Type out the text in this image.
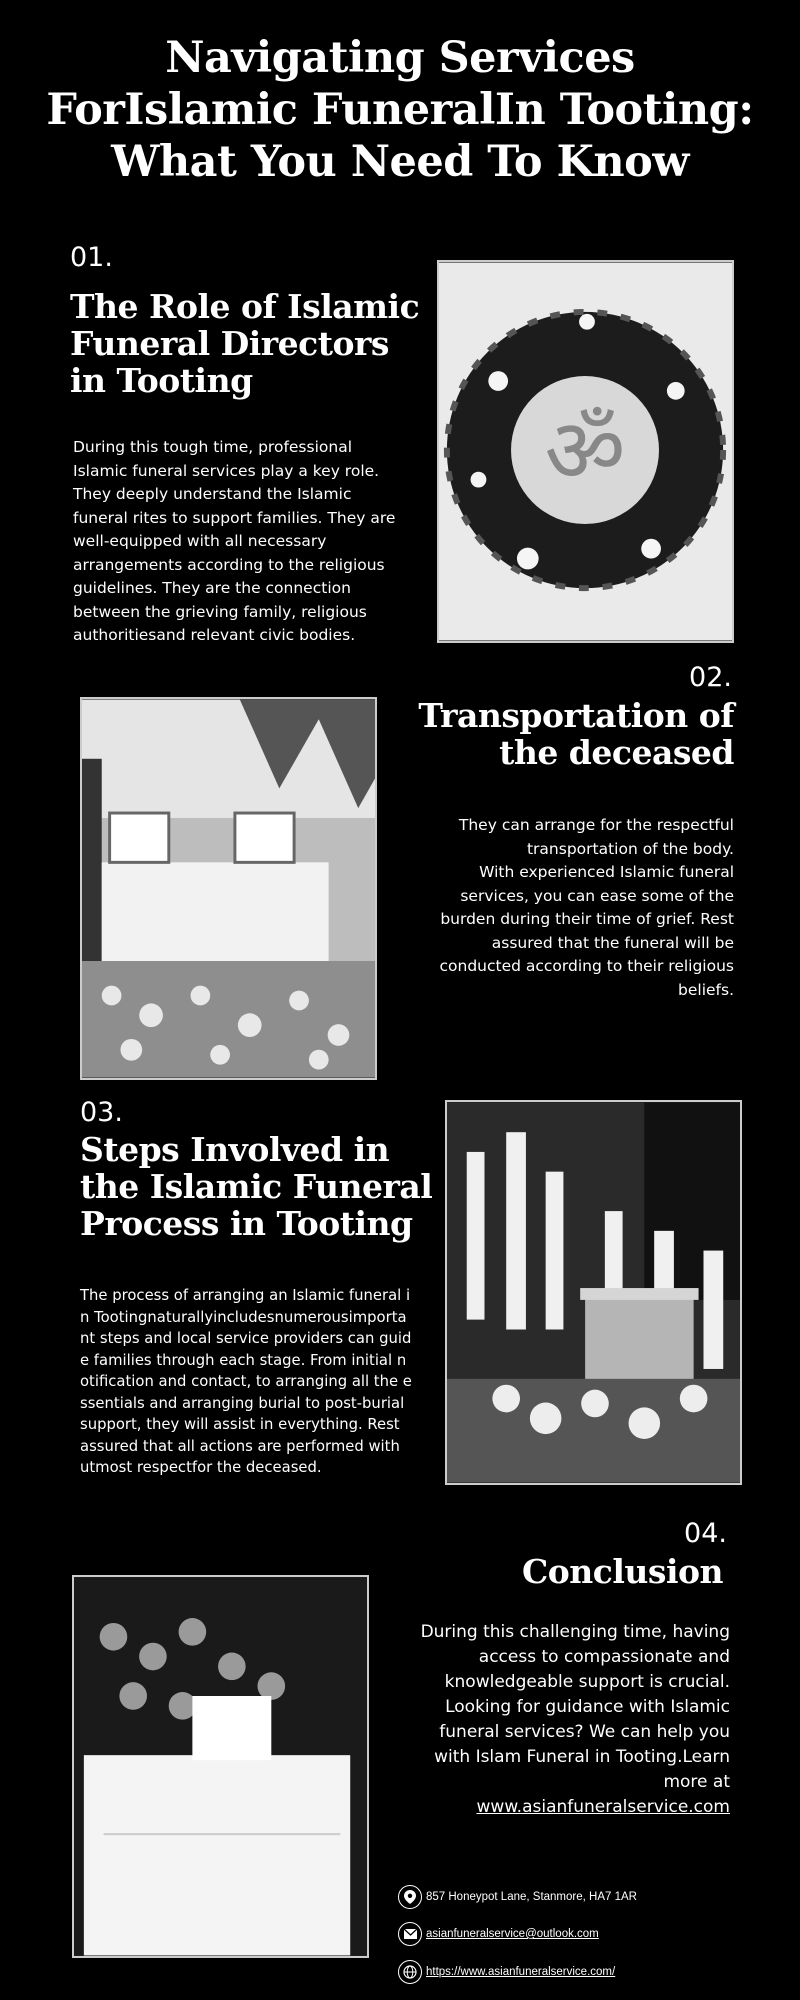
Navigating Services ForIslamic FuneralIn Tooting: What You Need To Know
01.
The Role of Islamic Funeral Directors in Tooting
During this tough time, professional Islamic funeral services play a key role. They deeply understand the Islamic funeral rites to support families. They are well-equipped with all necessary arrangements according to the religious guidelines. They are the connection between the grieving family, religious authoritiesand relevant civic bodies.
ॐ
02.
Transportation of the deceased
They can arrange for the respectful transportation of the body.
With experienced Islamic funeral services, you can ease some of the burden during their time of grief. Rest assured that the funeral will be conducted according to their religious beliefs.
03.
Steps Involved in the Islamic Funeral Process in Tooting
The process of arranging an Islamic funeral in Tootingnaturallyincludesnumerousimportant steps and local service providers can guide families through each stage. From initial notification and contact, to arranging all the essentials and arranging burial to post-burial support, they will assist in everything. Rest assured that all actions are performed with utmost respectfor the deceased.
04.
Conclusion
During this challenging time, having access to compassionate and knowledgeable support is crucial. Looking for guidance with Islamic funeral services? We can help you with Islam Funeral in Tooting.Learn more at
www.asianfuneralservice.com
857 Honeypot Lane, Stanmore, HA7 1AR
asianfuneralservice@outlook.com
https://www.asianfuneralservice.com/
